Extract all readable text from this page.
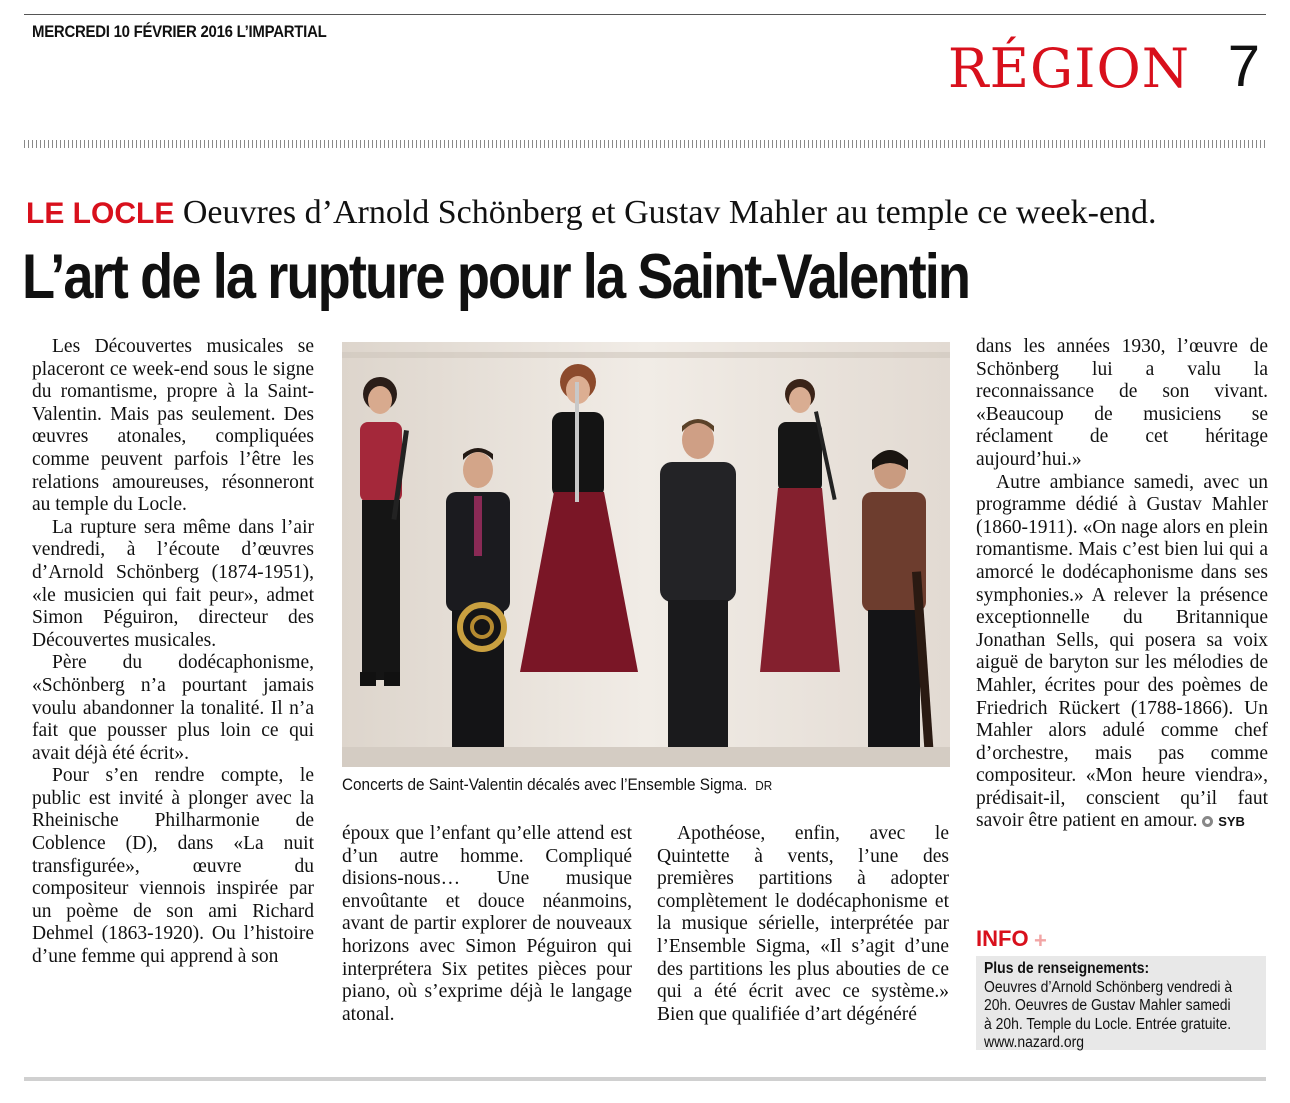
MERCREDI 10 FÉVRIER 2016 L’IMPARTIAL
RÉGION 7
LE LOCLE Oeuvres d’Arnold Schönberg et Gustav Mahler au temple ce week-end.
L’art de la rupture pour la Saint-Valentin

Les Découvertes musicales se placeront ce week-end sous le signe du romantisme, propre à la Saint-Valentin. Mais pas seulement. Des œuvres atonales, compliquées comme peuvent parfois l’être les relations amoureuses, résonneront au temple du Locle.

La rupture sera même dans l’air vendredi, à l’écoute d’œuvres d’Arnold Schönberg (1874-1951), «le musicien qui fait peur», admet Simon Péguiron, directeur des Découvertes musicales.

Père du dodécaphonisme, «Schönberg n’a pourtant jamais voulu abandonner la tonalité. Il n’a fait que pousser plus loin ce qui avait déjà été écrit».

Pour s’en rendre compte, le public est invité à plonger avec la Rheinische Philharmonie de Coblence (D), dans «La nuit transfigurée», œuvre du compositeur viennois inspirée par un poème de son ami Richard Dehmel (1863-1920). Ou l’histoire d’une femme qui apprend à son

Concerts de Saint-Valentin décalés avec l’Ensemble Sigma. DR

époux que l’enfant qu’elle attend est d’un autre homme. Compliqué disions-nous… Une musique envoûtante et douce néanmoins, avant de partir explorer de nouveaux horizons avec Simon Péguiron qui interprétera Six petites pièces pour piano, où s’exprime déjà le langage atonal.

Apothéose, enfin, avec le Quintette à vents, l’une des premières partitions à adopter complètement le dodécaphonisme et la musique sérielle, interprétée par l’Ensemble Sigma, «Il s’agit d’une des partitions les plus abouties de ce qui a été écrit avec ce système.» Bien que qualifiée d’art dégénéré

dans les années 1930, l’œuvre de Schönberg lui a valu la reconnaissance de son vivant. «Beaucoup de musiciens se réclament de cet héritage aujourd’hui.»

Autre ambiance samedi, avec un programme dédié à Gustav Mahler (1860-1911). «On nage alors en plein romantisme. Mais c’est bien lui qui a amorcé le dodécaphonisme dans ses symphonies.» A relever la présence exceptionnelle du Britannique Jonathan Sells, qui posera sa voix aiguë de baryton sur les mélodies de Mahler, écrites pour des poèmes de Friedrich Rückert (1788-1866). Un Mahler alors adulé comme chef d’orchestre, mais pas comme compositeur. «Mon heure viendra», prédisait-il, conscient qu’il faut savoir être patient en amour. SYB

INFO +
Plus de renseignements:
Oeuvres d’Arnold Schönberg vendredi à
20h. Oeuvres de Gustav Mahler samedi
à 20h. Temple du Locle. Entrée gratuite.
www.nazard.org
